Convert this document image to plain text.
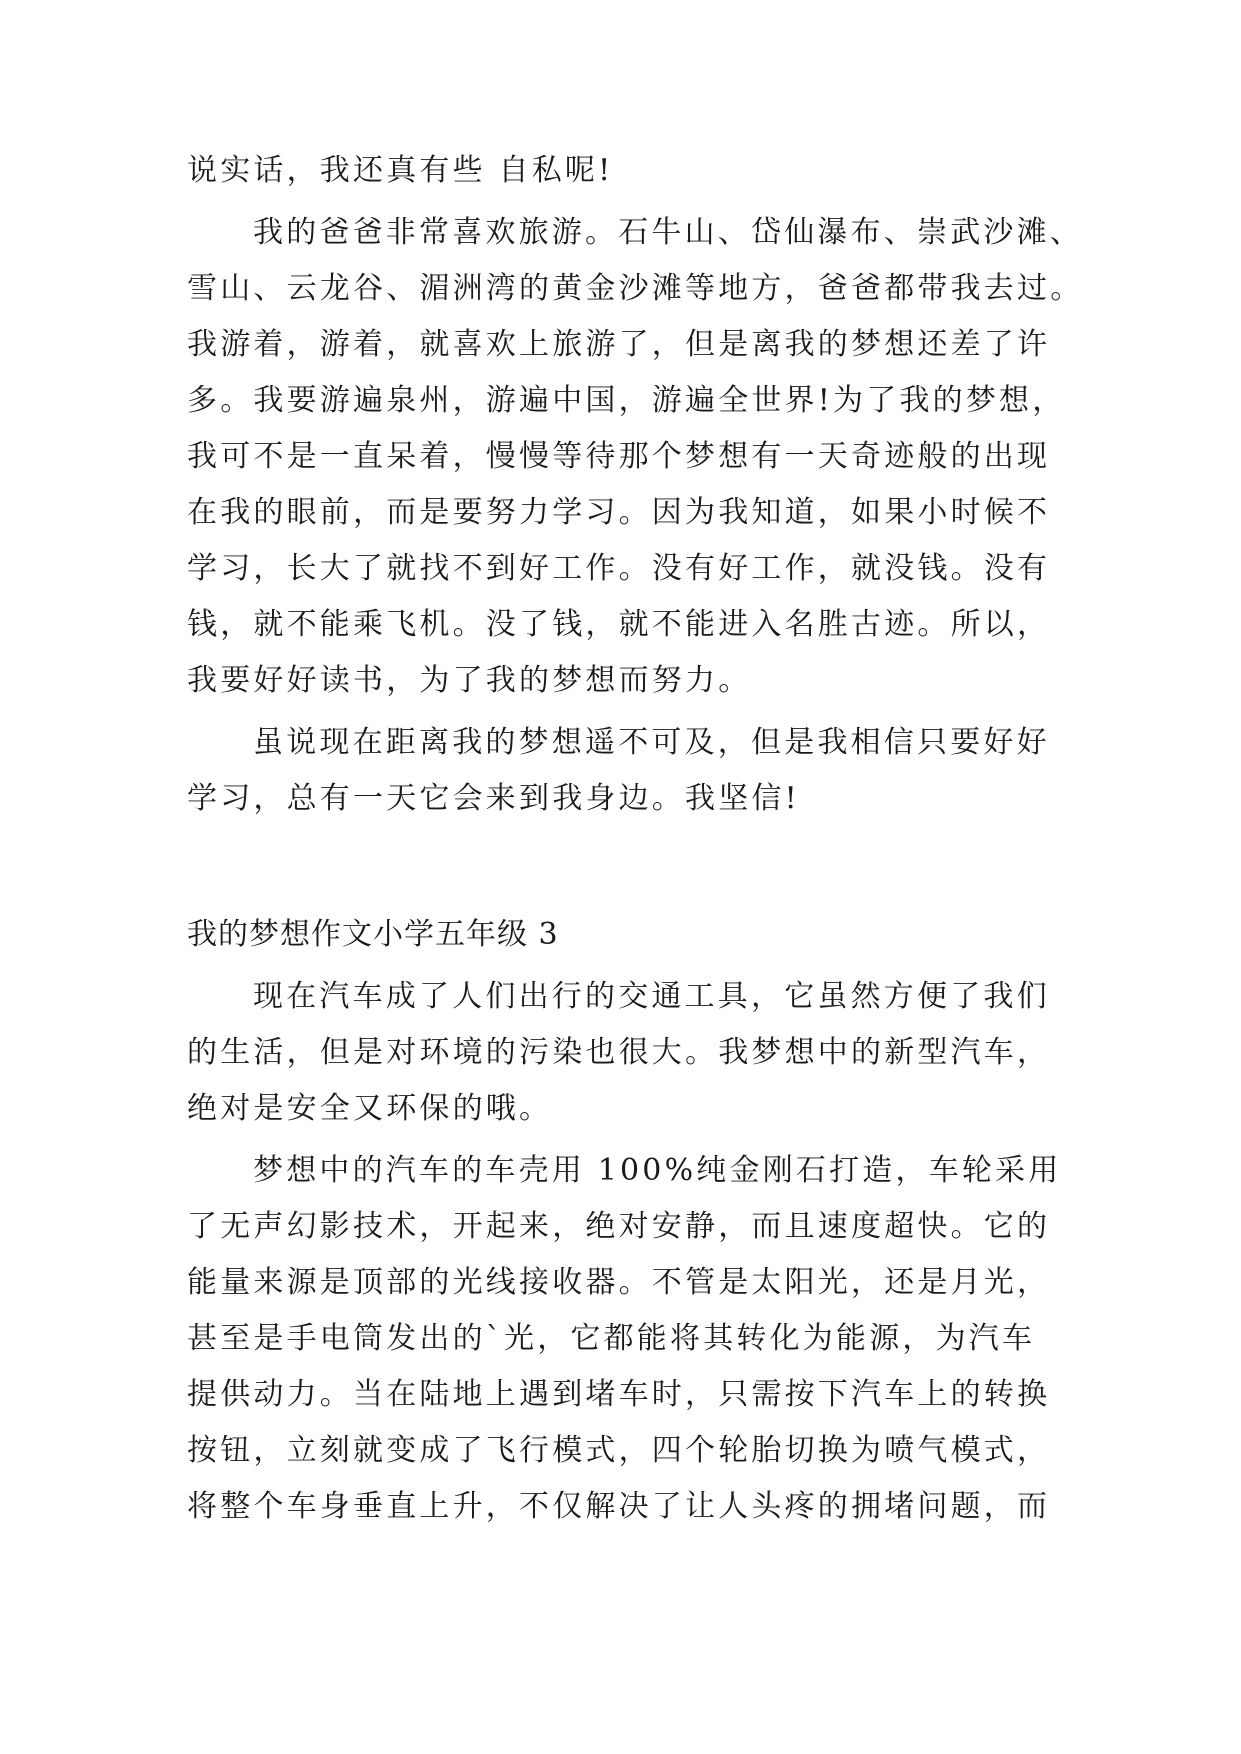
说实话，我还真有些 自私呢!
我的爸爸非常喜欢旅游。石牛山、岱仙瀑布、崇武沙滩、
雪山、云龙谷、湄洲湾的黄金沙滩等地方，爸爸都带我去过。
我游着，游着，就喜欢上旅游了，但是离我的梦想还差了许
多。我要游遍泉州，游遍中国，游遍全世界!为了我的梦想，
我可不是一直呆着，慢慢等待那个梦想有一天奇迹般的出现
在我的眼前，而是要努力学习。因为我知道，如果小时候不
学习，长大了就找不到好工作。没有好工作，就没钱。没有
钱，就不能乘飞机。没了钱，就不能进入名胜古迹。所以，
我要好好读书，为了我的梦想而努力。
虽说现在距离我的梦想遥不可及，但是我相信只要好好
学习，总有一天它会来到我身边。我坚信!
我的梦想作文小学五年级 3
现在汽车成了人们出行的交通工具，它虽然方便了我们
的生活，但是对环境的污染也很大。我梦想中的新型汽车，
绝对是安全又环保的哦。
梦想中的汽车的车壳用 100%纯金刚石打造，车轮采用
了无声幻影技术，开起来，绝对安静，而且速度超快。它的
能量来源是顶部的光线接收器。不管是太阳光，还是月光，
甚至是手电筒发出的`光，它都能将其转化为能源，为汽车
提供动力。当在陆地上遇到堵车时，只需按下汽车上的转换
按钮，立刻就变成了飞行模式，四个轮胎切换为喷气模式，
将整个车身垂直上升，不仅解决了让人头疼的拥堵问题，而
